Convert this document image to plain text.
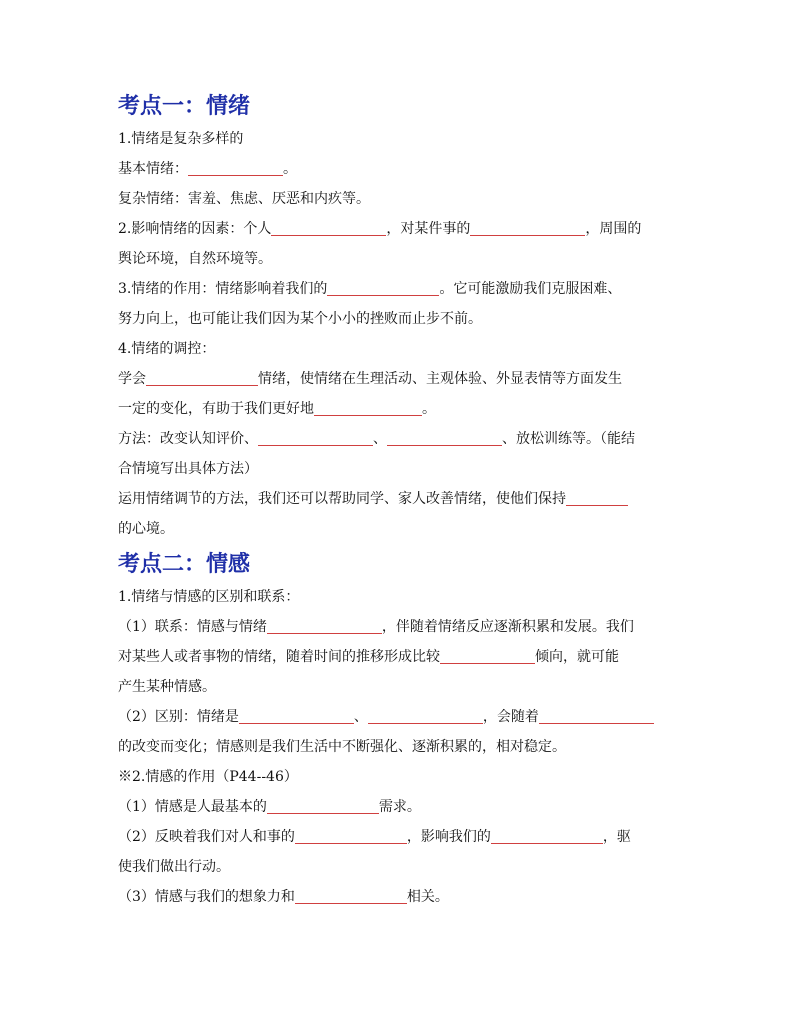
考点一：情绪

1.情绪是复杂多样的

基本情绪：	。

复杂情绪：害羞、焦虑、厌恶和内疚等。

2.影响情绪的因素：个人	，对某件事的	，周围的

舆论环境，自然环境等。

3.情绪的作用：情绪影响着我们的	。它可能激励我们克服困难、

努力向上，也可能让我们因为某个小小的挫败而止步不前。

4.情绪的调控：

学会	情绪，使情绪在生理活动、主观体验、外显表情等方面发生

一定的变化，有助于我们更好地	。

方法：改变认知评价、	、	、放松训练等。（能结

合情境写出具体方法）

运用情绪调节的方法，我们还可以帮助同学、家人改善情绪，使他们保持

的心境。

考点二：情感

1.情绪与情感的区别和联系：

（1）联系：情感与情绪	，伴随着情绪反应逐渐积累和发展。我们

对某些人或者事物的情绪，随着时间的推移形成比较	倾向，就可能

产生某种情感。

（2）区别：情绪是	、	，会随着

的改变而变化；情感则是我们生活中不断强化、逐渐积累的，相对稳定。

※2.情感的作用（P44--46）

（1）情感是人最基本的	需求。

（2）反映着我们对人和事的	，影响我们的	，驱

使我们做出行动。

（3）情感与我们的想象力和	相关。
